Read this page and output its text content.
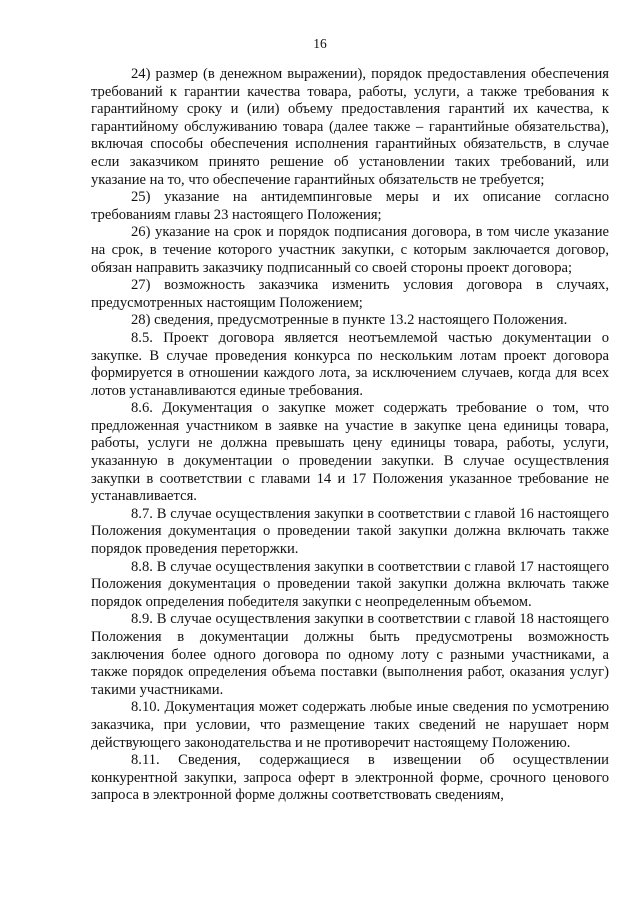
16

24) размер (в денежном выражении), порядок предоставления обеспечения требований к гарантии качества товара, работы, услуги, а также требования к гарантийному сроку и (или) объему предоставления гарантий их качества, к гарантийному обслуживанию товара (далее также – гарантийные обязательства), включая способы обеспечения исполнения гарантийных обязательств, в случае если заказчиком принято решение об установлении таких требований, или указание на то, что обеспечение гарантийных обязательств не требуется;

25) указание на антидемпинговые меры и их описание согласно требованиям главы 23 настоящего Положения;

26) указание на срок и порядок подписания договора, в том числе указание на срок, в течение которого участник закупки, с которым заключается договор, обязан направить заказчику подписанный со своей стороны проект договора;

27) возможность заказчика изменить условия договора в случаях, предусмотренных настоящим Положением;

28) сведения, предусмотренные в пункте 13.2 настоящего Положения.

8.5. Проект договора является неотъемлемой частью документации о закупке. В случае проведения конкурса по нескольким лотам проект договора формируется в отношении каждого лота, за исключением случаев, когда для всех лотов устанавливаются единые требования.

8.6. Документация о закупке может содержать требование о том, что предложенная участником в заявке на участие в закупке цена единицы товара, работы, услуги не должна превышать цену единицы товара, работы, услуги, указанную в документации о проведении закупки. В случае осуществления закупки в соответствии с главами 14 и 17 Положения указанное требование не устанавливается.

8.7. В случае осуществления закупки в соответствии с главой 16 настоящего Положения документация о проведении такой закупки должна включать также порядок проведения переторжки.

8.8. В случае осуществления закупки в соответствии с главой 17 настоящего Положения документация о проведении такой закупки должна включать также порядок определения победителя закупки с неопределенным объемом.

8.9. В случае осуществления закупки в соответствии с главой 18 настоящего Положения в документации должны быть предусмотрены возможность заключения более одного договора по одному лоту с разными участниками, а также порядок определения объема поставки (выполнения работ, оказания услуг) такими участниками.

8.10. Документация может содержать любые иные сведения по усмотрению заказчика, при условии, что размещение таких сведений не нарушает норм действующего законодательства и не противоречит настоящему Положению.

8.11. Сведения, содержащиеся в извещении об осуществлении конкурентной закупки, запроса оферт в электронной форме, срочного ценового запроса в электронной форме должны соответствовать сведениям,
